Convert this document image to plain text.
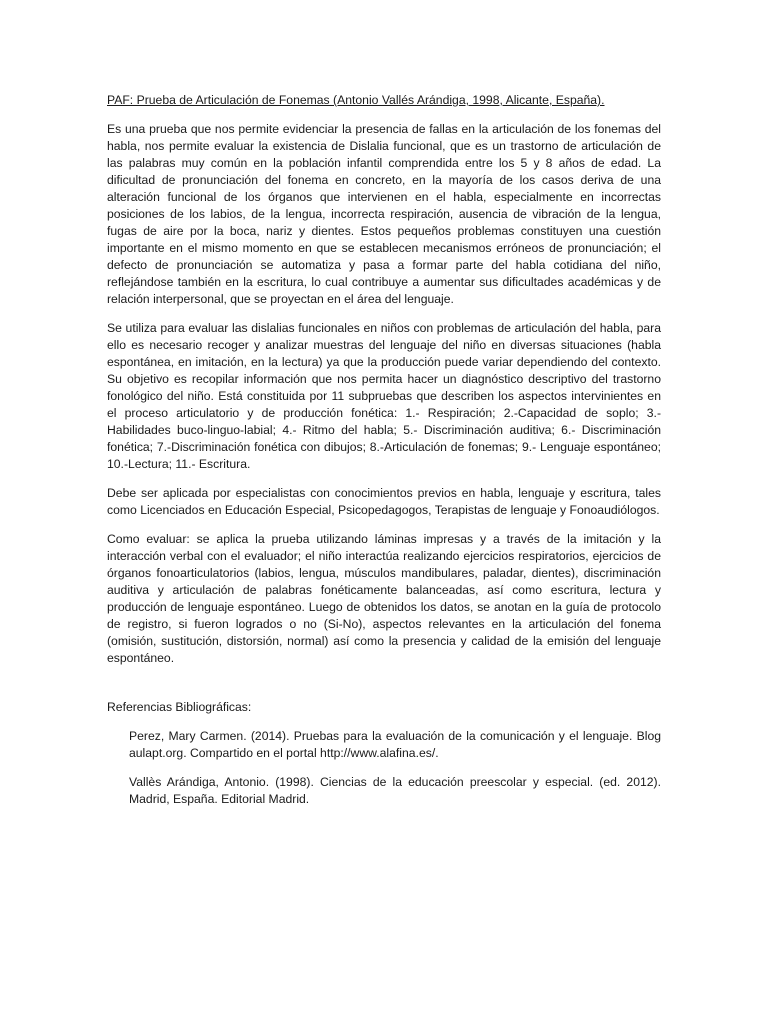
PAF: Prueba de Articulación de Fonemas (Antonio Vallés Arándiga, 1998, Alicante, España).

Es una prueba que nos permite evidenciar la presencia de fallas en la articulación de los fonemas del habla, nos permite evaluar la existencia de Dislalia funcional, que es un trastorno de articulación de las palabras muy común en la población infantil comprendida entre los 5 y 8 años de edad. La dificultad de pronunciación del fonema en concreto, en la mayoría de los casos deriva de una alteración funcional de los órganos que intervienen en el habla, especialmente en incorrectas posiciones de los labios, de la lengua, incorrecta respiración, ausencia de vibración de la lengua, fugas de aire por la boca, nariz y dientes. Estos pequeños problemas constituyen una cuestión importante en el mismo momento en que se establecen mecanismos erróneos de pronunciación; el defecto de pronunciación se automatiza y pasa a formar parte del habla cotidiana del niño, reflejándose también en la escritura, lo cual contribuye a aumentar sus dificultades académicas y de relación interpersonal, que se proyectan en el área del lenguaje.

Se utiliza para evaluar las dislalias funcionales en niños con problemas de articulación del habla, para ello es necesario recoger y analizar muestras del lenguaje del niño en diversas situaciones (habla espontánea, en imitación, en la lectura) ya que la producción puede variar dependiendo del contexto. Su objetivo es recopilar información que nos permita hacer un diagnóstico descriptivo del trastorno fonológico del niño. Está constituida por 11 subpruebas que describen los aspectos intervinientes en el proceso articulatorio y de producción fonética: 1.- Respiración; 2.-Capacidad de soplo; 3.- Habilidades buco-linguo-labial; 4.- Ritmo del habla; 5.- Discriminación auditiva; 6.- Discriminación fonética; 7.-Discriminación fonética con dibujos; 8.-Articulación de fonemas; 9.- Lenguaje espontáneo; 10.-Lectura; 11.- Escritura.

Debe ser aplicada por especialistas con conocimientos previos en habla, lenguaje y escritura, tales como Licenciados en Educación Especial, Psicopedagogos, Terapistas de lenguaje y Fonoaudiólogos.

Como evaluar: se aplica la prueba utilizando láminas impresas y a través de la imitación y la interacción verbal con el evaluador; el niño interactúa realizando ejercicios respiratorios, ejercicios de órganos fonoarticulatorios (labios, lengua, músculos mandibulares, paladar, dientes), discriminación auditiva y articulación de palabras fonéticamente balanceadas, así como escritura, lectura y producción de lenguaje espontáneo. Luego de obtenidos los datos, se anotan en la guía de protocolo de registro, si fueron logrados o no (Si-No), aspectos relevantes en la articulación del fonema (omisión, sustitución, distorsión, normal) así como la presencia y calidad de la emisión del lenguaje espontáneo.

Referencias Bibliográficas:

Perez, Mary Carmen. (2014). Pruebas para la evaluación de la comunicación y el lenguaje. Blog aulapt.org. Compartido en el portal http://www.alafina.es/.

Vallès Arándiga, Antonio. (1998). Ciencias de la educación preescolar y especial. (ed. 2012). Madrid, España. Editorial Madrid.
